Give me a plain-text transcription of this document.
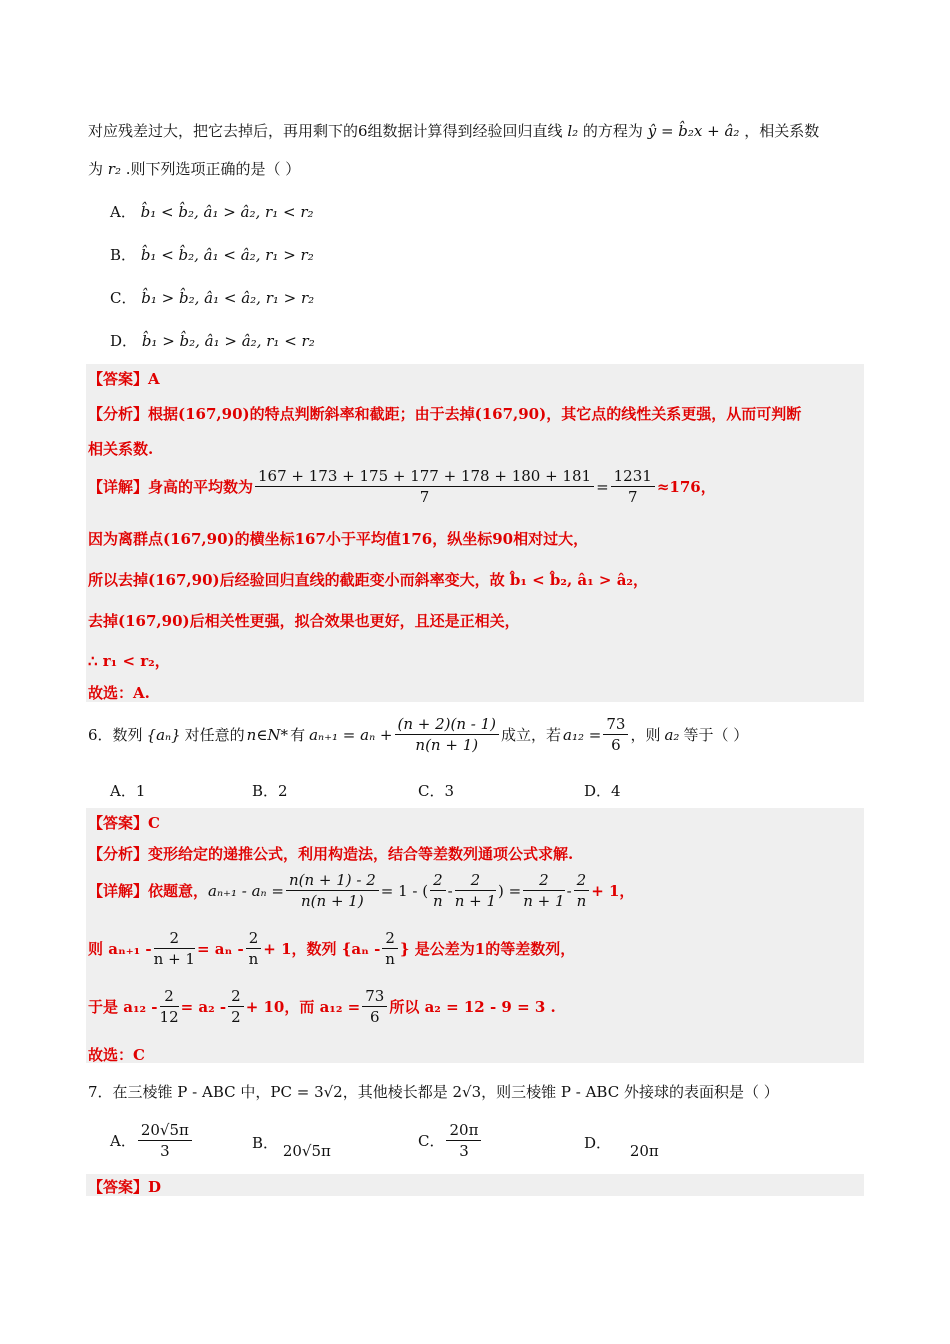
对应残差过大，把它去掉后，再用剩下的6组数据计算得到经验回归直线 l₂ 的方程为 ŷ = b̂₂x + â₂ ，相关系数
为 r₂ .则下列选项正确的是（ ）
A． b̂₁ < b̂₂, â₁ > â₂, r₁ < r₂
B． b̂₁ < b̂₂, â₁ < â₂, r₁ > r₂
C． b̂₁ > b̂₂, â₁ < â₂, r₁ > r₂
D． b̂₁ > b̂₂, â₁ > â₂, r₁ < r₂
【答案】A
【分析】根据(167,90)的特点判断斜率和截距；由于去掉(167,90)，其它点的线性关系更强，从而可判断
相关系数.
【详解】身高的平均数为 $\frac{167 + 173 + 175 + 177 + 178 + 180 + 181}{7} = \frac{1231}{7} \approx 176$，
因为离群点(167,90)的横坐标167小于平均值176，纵坐标90相对过大，
所以去掉(167,90)后经验回归直线的截距变小而斜率变大，故 b̂₁ < b̂₂, â₁ > â₂，
去掉(167,90)后相关性更强，拟合效果也更好，且还是正相关，
∴ r₁ < r₂，
故选：A.
6．数列 {aₙ} 对任意的 n∈N* 有 $a_{n+1} = a_n + \frac{(n + 2)(n - 1)}{n(n + 1)}$ 成立，若 $a_{12} = \frac{73}{6}$ ，则 a₂ 等于（ ）
A．1	B．2	C．3	D．4
【答案】C
【分析】变形给定的递推公式，利用构造法，结合等差数列通项公式求解.
【详解】依题意， $a_{n+1} - a_n = \frac{n(n + 1) - 2}{n(n + 1)} = 1$ - ( $\frac{2}{n} - \frac{2}{n + 1}$ ) = $\frac{2}{n + 1} - \frac{2}{n} + 1$，
则 $a_{n+1} - \frac{2}{n + 1} = a_n - \frac{2}{n} + 1$，数列 {$a_n - \frac{2}{n}$ } 是公差为1的等差数列，
于是 $a_{12} - \frac{2}{12} = a_2 - \frac{2}{2} + 10$，而 $a_{12} = \frac{73}{6}$ 所以 a₂ = 12 - 9 = 3 .
故选：C
7．在三棱锥 P - ABC 中，PC = 3√2，其他棱长都是 2√3，则三棱锥 P - ABC 外接球的表面积是（ ）
A． $\frac{20√5\pi}{3}$	B． 20√5π
C． $\frac{20\pi}{3}$	D． 20π
【答案】D
